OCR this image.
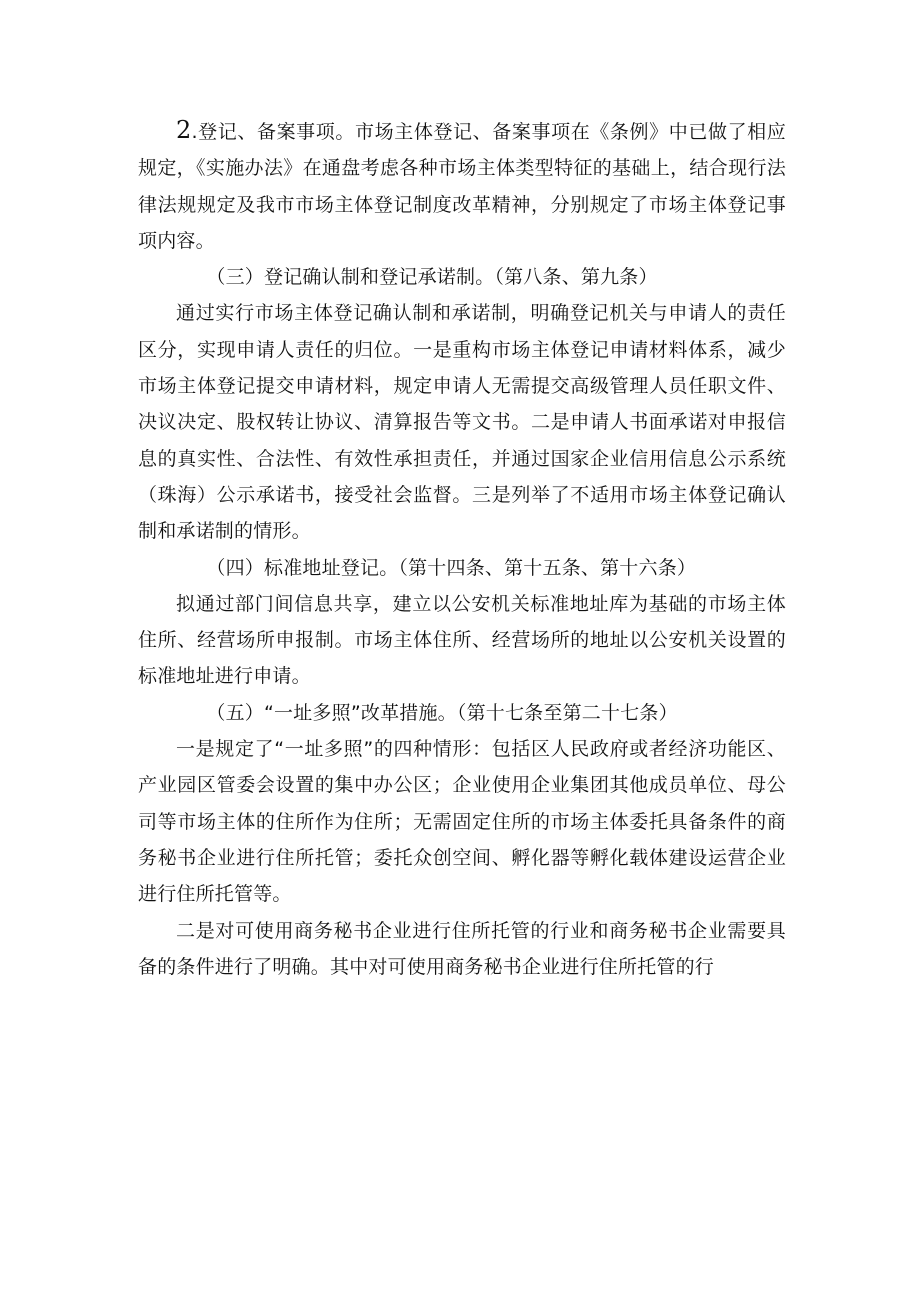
2.登记、备案事项。市场主体登记、备案事项在《条例》中已做了相应规定，《实施办法》在通盘考虑各种市场主体类型特征的基础上，结合现行法律法规规定及我市市场主体登记制度改革精神，分别规定了市场主体登记事项内容。

（三）登记确认制和登记承诺制。（第八条、第九条）

通过实行市场主体登记确认制和承诺制，明确登记机关与申请人的责任区分，实现申请人责任的归位。一是重构市场主体登记申请材料体系，减少市场主体登记提交申请材料，规定申请人无需提交高级管理人员任职文件、决议决定、股权转让协议、清算报告等文书。二是申请人书面承诺对申报信息的真实性、合法性、有效性承担责任，并通过国家企业信用信息公示系统（珠海）公示承诺书，接受社会监督。三是列举了不适用市场主体登记确认制和承诺制的情形。

（四）标准地址登记。（第十四条、第十五条、第十六条）

拟通过部门间信息共享，建立以公安机关标准地址库为基础的市场主体住所、经营场所申报制。市场主体住所、经营场所的地址以公安机关设置的标准地址进行申请。

（五）“一址多照”改革措施。（第十七条至第二十七条）

一是规定了“一址多照”的四种情形：包括区人民政府或者经济功能区、产业园区管委会设置的集中办公区；企业使用企业集团其他成员单位、母公司等市场主体的住所作为住所；无需固定住所的市场主体委托具备条件的商务秘书企业进行住所托管；委托众创空间、孵化器等孵化载体建设运营企业进行住所托管等。

二是对可使用商务秘书企业进行住所托管的行业和商务秘书企业需要具备的条件进行了明确。其中对可使用商务秘书企业进行住所托管的行
